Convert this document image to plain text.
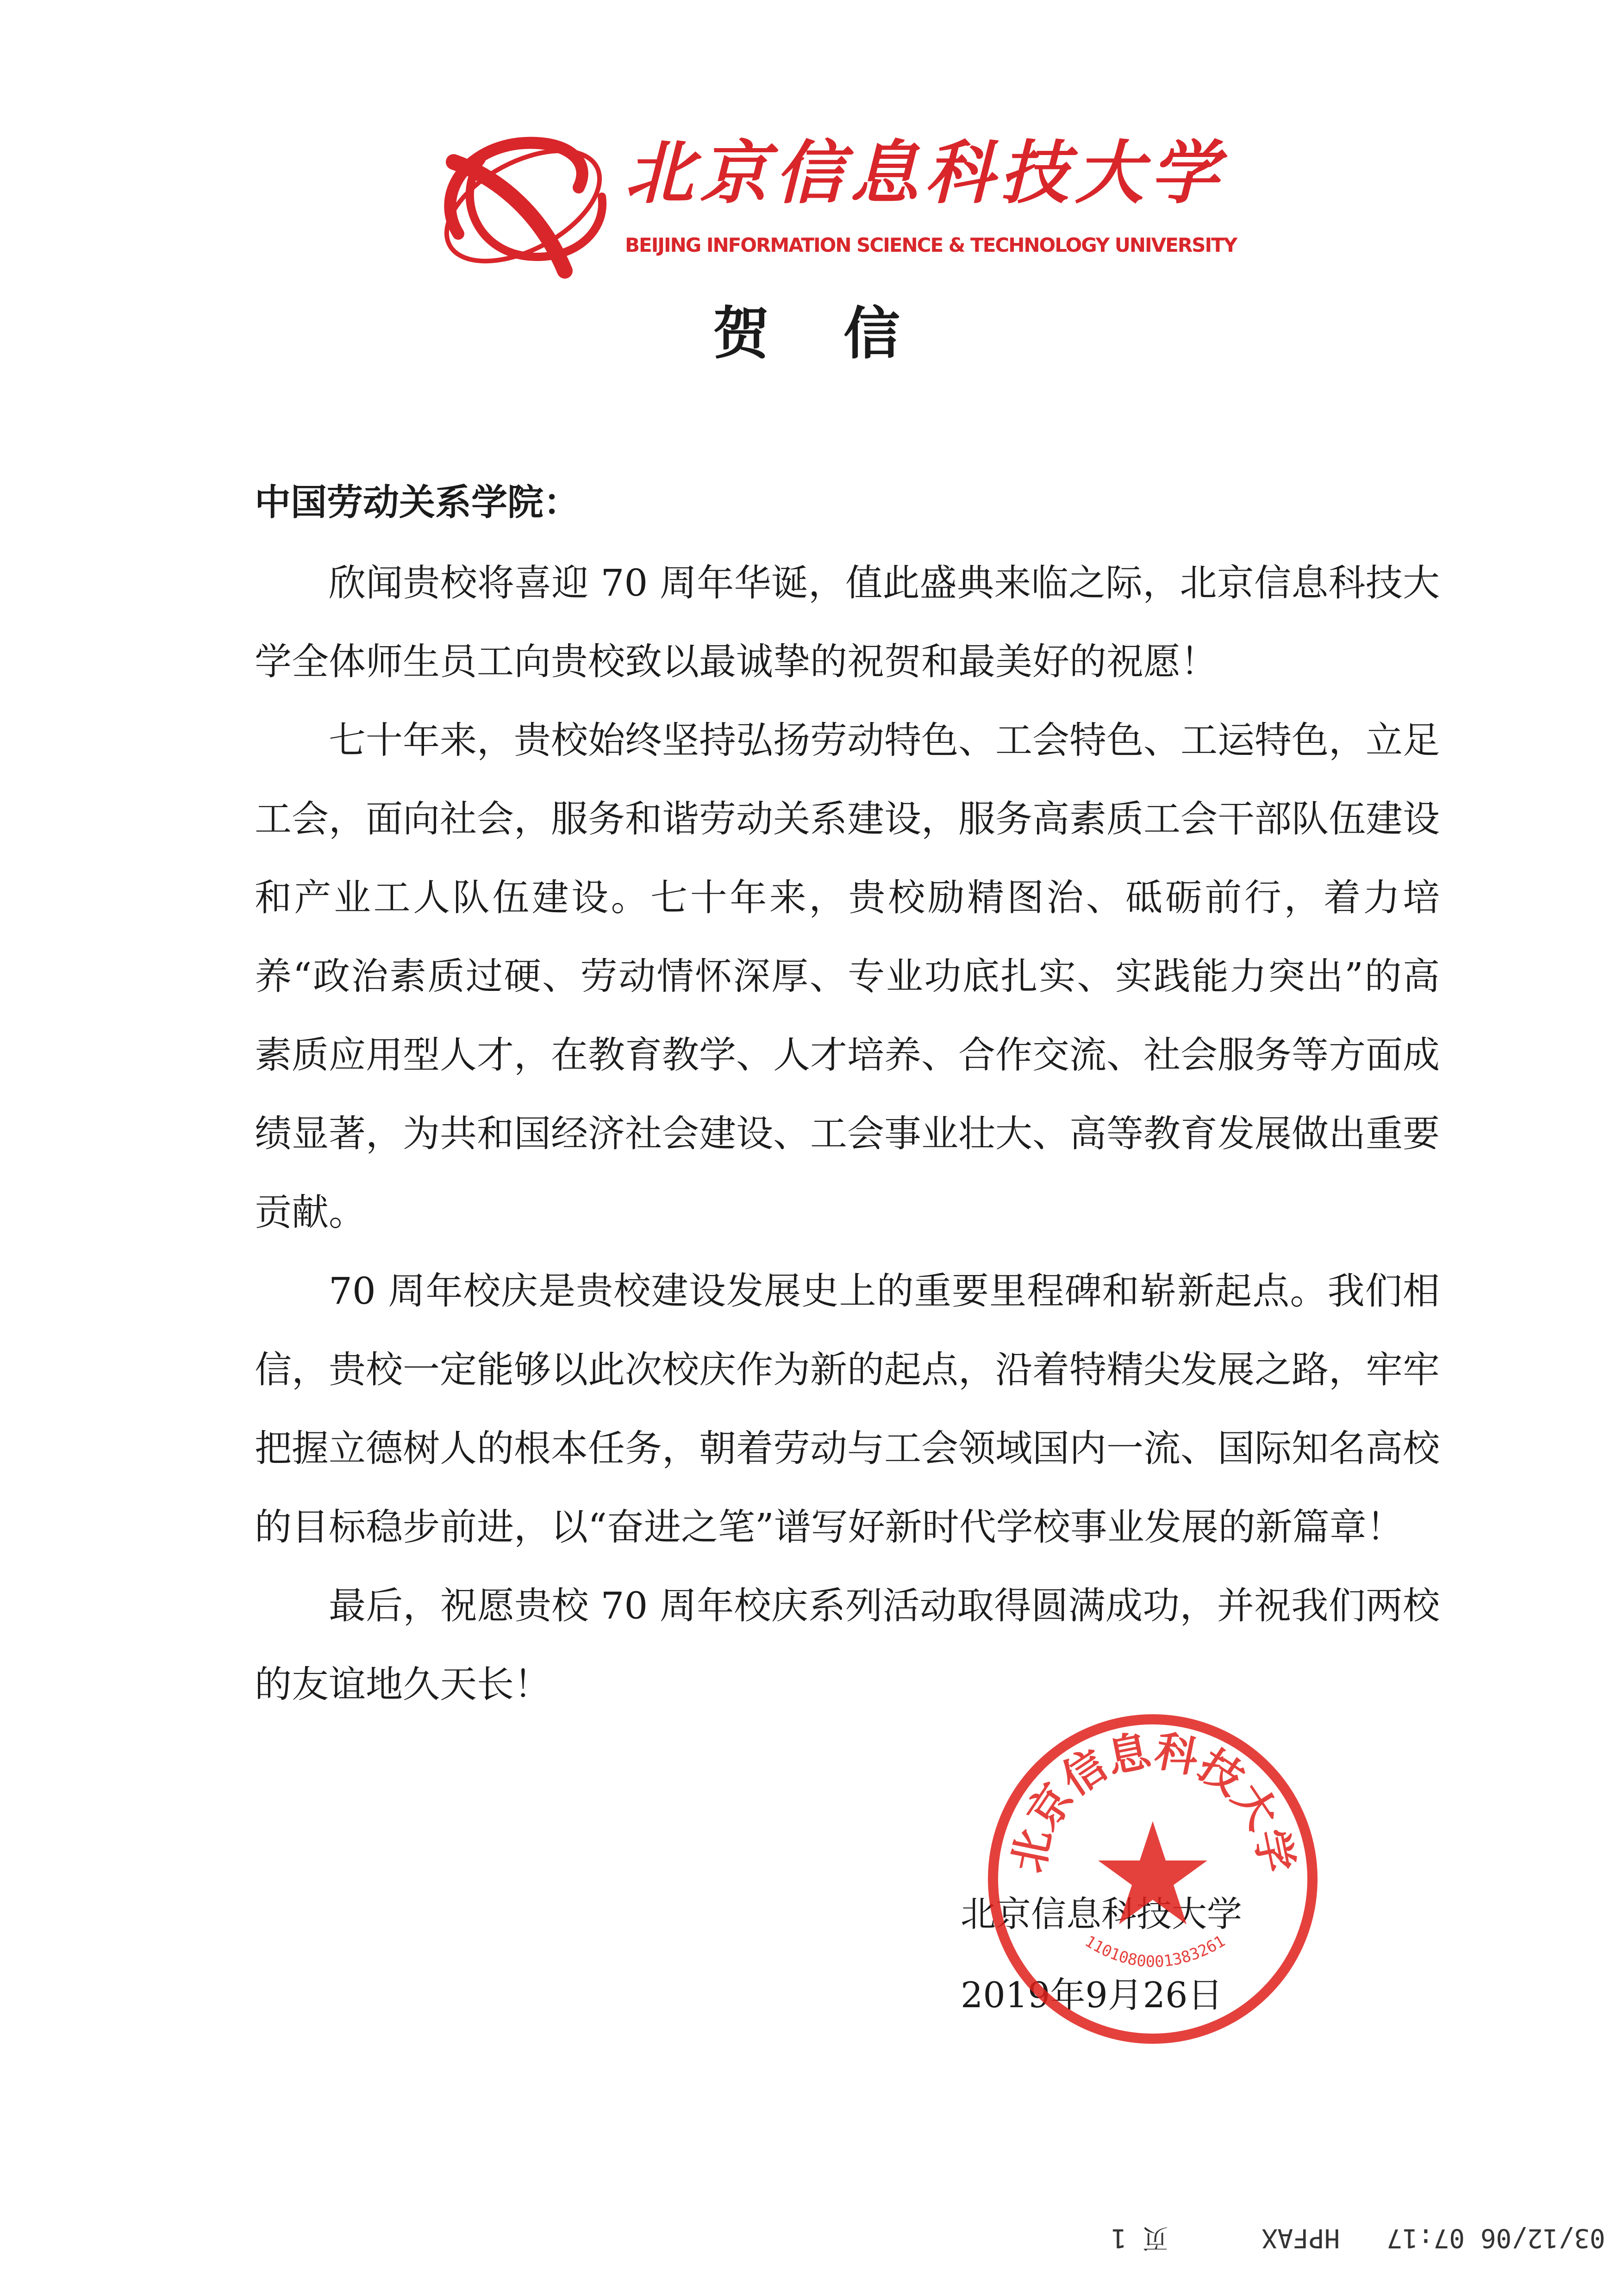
北京信息科技大学
BEIJING INFORMATION SCIENCE & TECHNOLOGY UNIVERSITY
贺信
中国劳动关系学院：

欣闻贵校将喜迎 70 周年华诞，值此盛典来临之际，北京信息科技大学全体师生员工向贵校致以最诚挚的祝贺和最美好的祝愿！

七十年来，贵校始终坚持弘扬劳动特色、工会特色、工运特色，立足工会，面向社会，服务和谐劳动关系建设，服务高素质工会干部队伍建设和产业工人队伍建设。七十年来，贵校励精图治、砥砺前行，着力培养“政治素质过硬、劳动情怀深厚、专业功底扎实、实践能力突出”的高素质应用型人才，在教育教学、人才培养、合作交流、社会服务等方面成绩显著，为共和国经济社会建设、工会事业壮大、高等教育发展做出重要贡献。

70 周年校庆是贵校建设发展史上的重要里程碑和崭新起点。我们相信，贵校一定能够以此次校庆作为新的起点，沿着特精尖发展之路，牢牢把握立德树人的根本任务，朝着劳动与工会领域国内一流、国际知名高校的目标稳步前进，以“奋进之笔”谱写好新时代学校事业发展的新篇章！

最后，祝愿贵校 70 周年校庆系列活动取得圆满成功，并祝我们两校的友谊地久天长！

北京信息科技大学
2019年9月26日
北京信息科技大学
1101080001383261
03/12/06 07:17   HPFAX      页 1
